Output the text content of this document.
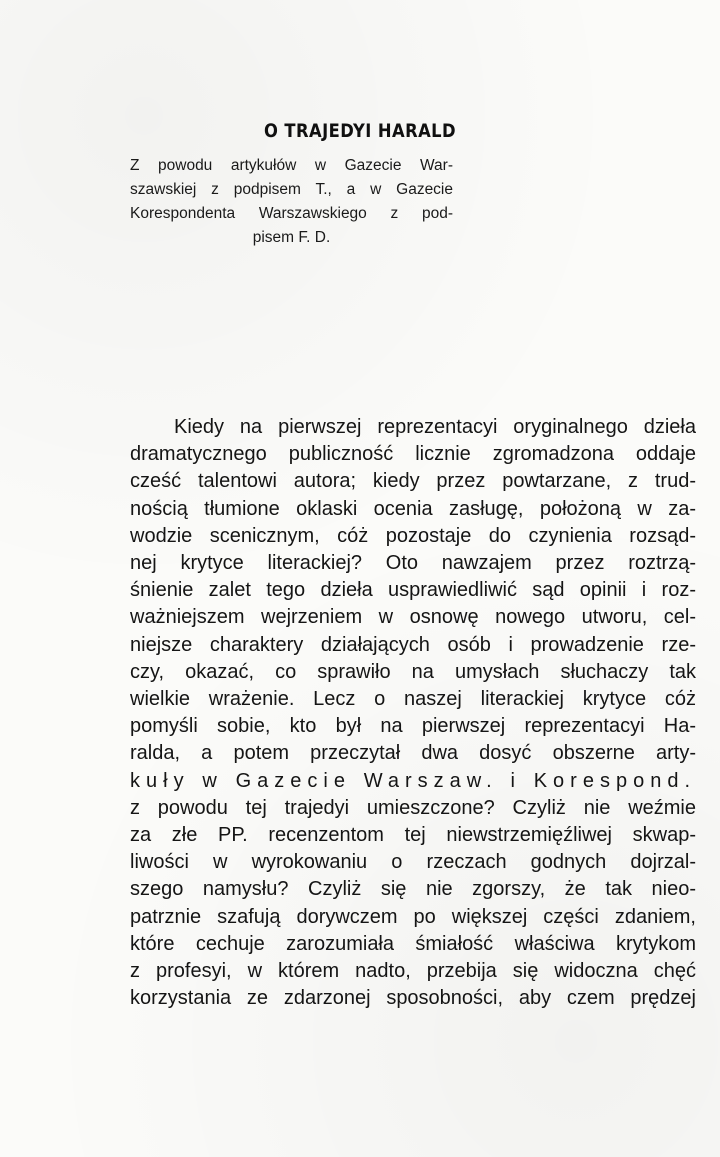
O TRAJEDYI HARALD
Z powodu artykułów w Gazecie War-
szawskiej z podpisem T., a w Gazecie
Korespondenta Warszawskiego z pod-
pisem F. D.
Kiedy na pierwszej reprezentacyi oryginalnego dzieła
dramatycznego publiczność licznie zgromadzona oddaje
cześć talentowi autora; kiedy przez powtarzane, z trud-
nością tłumione oklaski ocenia zasługę, położoną w za-
wodzie scenicznym, cóż pozostaje do czynienia rozsąd-
nej krytyce literackiej? Oto nawzajem przez roztrzą-
śnienie zalet tego dzieła usprawiedliwić sąd opinii i roz-
ważniejszem wejrzeniem w osnowę nowego utworu, cel-
niejsze charaktery działających osób i prowadzenie rze-
czy, okazać, co sprawiło na umysłach słuchaczy tak
wielkie wrażenie. Lecz o naszej literackiej krytyce cóż
pomyśli sobie, kto był na pierwszej reprezentacyi Ha-
ralda, a potem przeczytał dwa dosyć obszerne arty-
kuły w Gazecie Warszaw. i Korespond.
z powodu tej trajedyi umieszczone? Czyliż nie weźmie
za złe PP. recenzentom tej niewstrzemięźliwej skwap-
liwości w wyrokowaniu o rzeczach godnych dojrzal-
szego namysłu? Czyliż się nie zgorszy, że tak nieo-
patrznie szafują dorywczem po większej części zdaniem,
które cechuje zarozumiała śmiałość właściwa krytykom
z profesyi, w którem nadto, przebija się widoczna chęć
korzystania ze zdarzonej sposobności, aby czem prędzej
